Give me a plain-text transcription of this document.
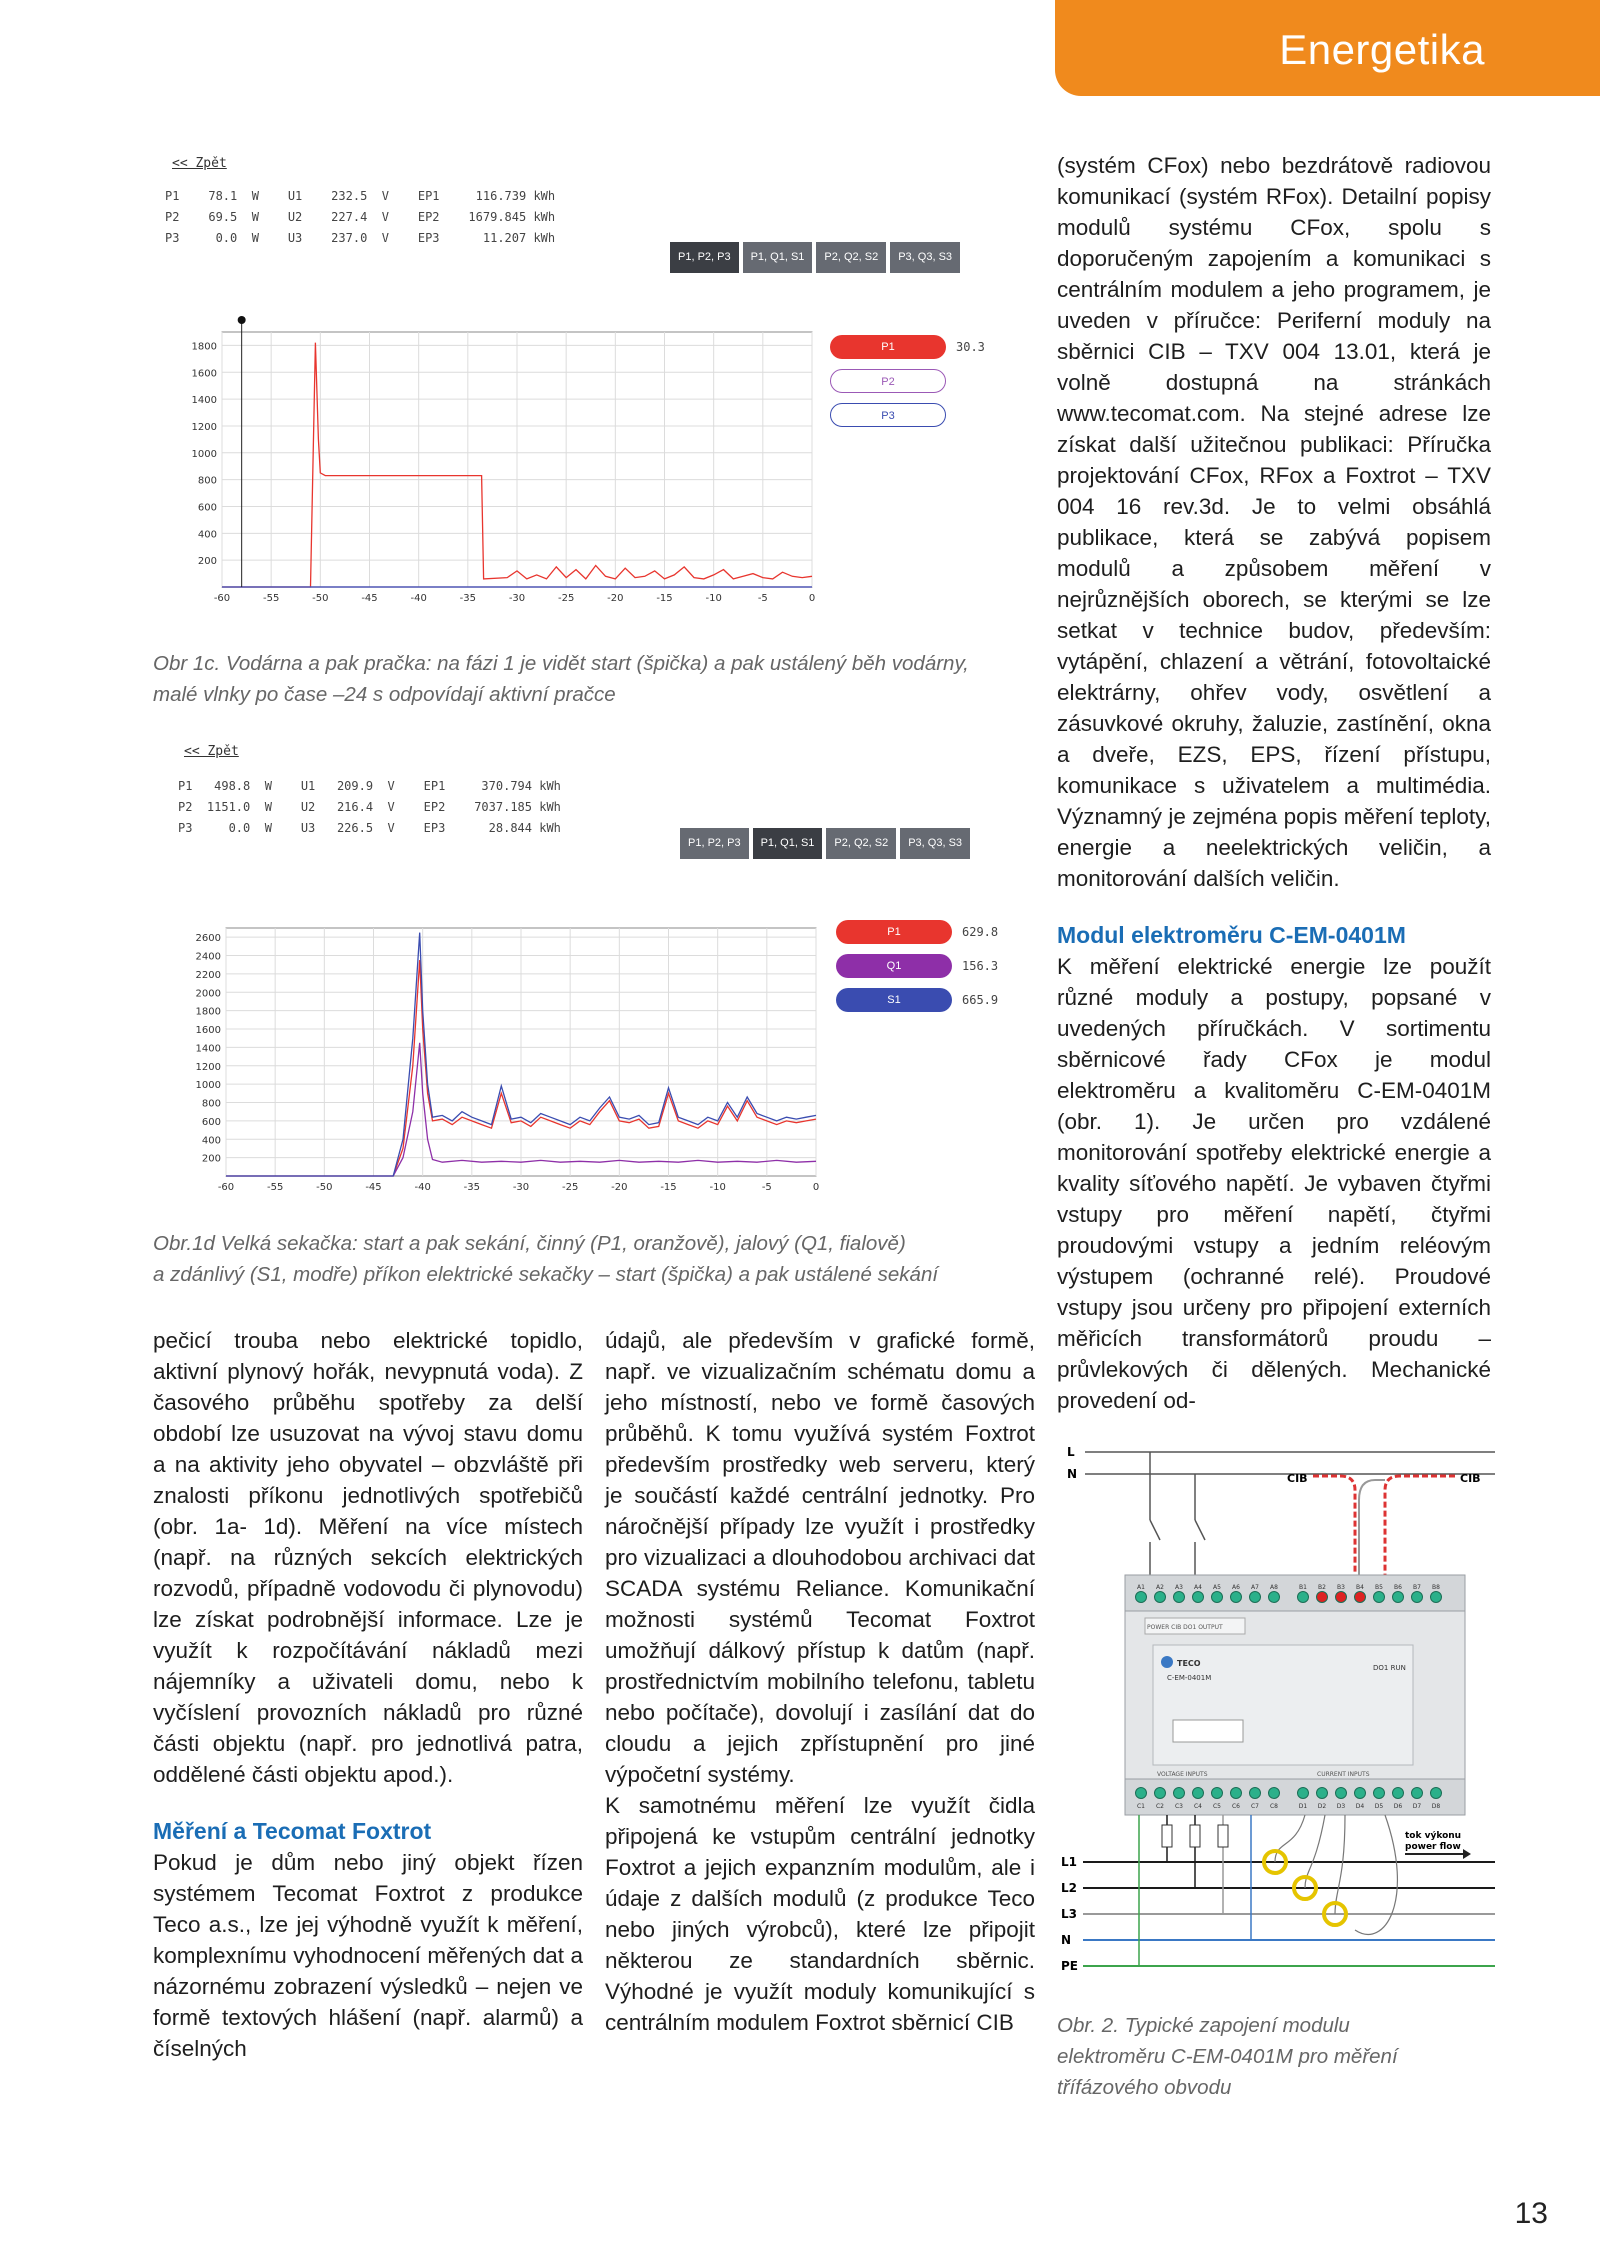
Energetika
<< Zpět
P1    78.1  W    U1    232.5  V    EP1     116.739 kWh
P2    69.5  W    U2    227.4  V    EP2    1679.845 kWh
P3     0.0  W    U3    237.0  V    EP3      11.207 kWh
P1, P2, P3	P1, Q1, S1	P2, Q2, S2	P3, Q3, S3
200
400
600
800
1000
1200
1400
1600
1800
-60	-55	-50	-45	-40	-35	-30	-25	-20	-15	-10	-5	0
P1	30.3
P2
P3
Obr 1c. Vodárna a pak pračka: na fázi 1 je vidět start (špička) a pak ustálený běh vodárny, malé vlnky po čase –24 s odpovídají aktivní pračce
<< Zpět
P1   498.8  W    U1   209.9  V    EP1     370.794 kWh
P2  1151.0  W    U2   216.4  V    EP2    7037.185 kWh
P3     0.0  W    U3   226.5  V    EP3      28.844 kWh
P1, P2, P3	P1, Q1, S1	P2, Q2, S2	P3, Q3, S3
200
400
600
800
1000
1200
1400
1600
1800
2000
2200
2400
2600
-60	-55	-50	-45	-40	-35	-30	-25	-20	-15	-10	-5	0
P1	629.8
Q1	156.3
S1	665.9
Obr.1d Velká sekačka: start a pak sekání, činný (P1, oranžově), jalový (Q1, fialově)
a zdánlivý (S1, modře) příkon elektrické sekačky – start (špička) a pak ustálené sekání

pečicí trouba nebo elektrické topidlo, aktivní plynový hořák, nevypnutá voda). Z časového průběhu spotřeby za delší období lze usuzovat na vývoj stavu domu a na aktivity jeho obyvatel – obzvláště při znalosti příkonu jednotlivých spotřebičů (obr. 1a- 1d). Měření na více místech (např. na různých sekcích elektrických rozvodů, případně vodovodu či plynovodu) lze získat podrobnější informace. Lze je využít k rozpočítávání nákladů mezi nájemníky a uživateli domu, nebo k vyčíslení provozních nákladů pro různé části objektu (např. pro jednotlivá patra, oddělené části objektu apod.).

Měření a Tecomat Foxtrot

Pokud je dům nebo jiný objekt řízen systémem Tecomat Foxtrot z produkce Teco a.s., lze jej výhodně využít k měření, komplexnímu vyhodnocení měřených dat a názornému zobrazení výsledků – nejen ve formě textových hlášení (např. alarmů) a číselných

údajů, ale především v grafické formě, např. ve vizualizačním schématu domu a jeho místností, nebo ve formě časových průběhů. K tomu využívá systém Foxtrot především prostředky web serveru, který je součástí každé centrální jednotky. Pro náročnější případy lze využít i prostředky pro vizualizaci a dlouhodobou archivaci dat SCADA systému Reliance. Komunikační možnosti systémů Tecomat Foxtrot umožňují dálkový přístup k datům (např. prostřednictvím mobilního telefonu, tabletu nebo počítače), dovolují i zasílání dat do cloudu a jejich zpřístupnění pro jiné výpočetní systémy.

K samotnému měření lze využít čidla připojená ke vstupům centrální jednotky Foxtrot a jejich expanzním modulům, ale i údaje z dalších modulů (z produkce Teco nebo jiných výrobců), které lze připojit některou ze standardních sběrnic. Výhodné je využít moduly komunikující s centrálním modulem Foxtrot sběrnicí CIB

(systém CFox) nebo bezdrátově radiovou komunikací (systém RFox). Detailní popisy modulů systému CFox, spolu s doporučeným zapojením a komunikaci s centrálním modulem a jeho programem, je uveden v příručce: Periferní moduly na sběrnici CIB – TXV 004 13.01, která je volně dostupná na stránkách www.tecomat.com. Na stejné adrese lze získat další užitečnou publikaci: Příručka projektování CFox, RFox a Foxtrot – TXV 004 16 rev.3d. Je to velmi obsáhlá publikace, která se zabývá popisem modulů a způsobem měření v nejrůznějších oborech, se kterými se lze setkat v technice budov, především: vytápění, chlazení a větrání, fotovoltaické elektrárny, ohřev vody, osvětlení a zásuvkové okruhy, žaluzie, zastínění, okna a dveře, EZS, EPS, řízení přístupu, komunikace s uživatelem a multimédia. Významný je zejména popis měření teploty, energie a neelektrických veličin, a monitorování dalších veličin.

Modul elektroměru C-EM-0401M

K měření elektrické energie lze použít různé moduly a postupy, popsané v uvedených příručkách. V sortimentu sběrnicové řady CFox je modul elektroměru a kvalitoměru C-EM-0401M (obr. 1). Je určen pro vzdálené monitorování spotřeby elektrické energie a kvality síťového napětí. Je vybaven čtyřmi vstupy pro měření napětí, čtyřmi proudovými vstupy a jedním reléovým výstupem (ochranné relé). Proudové vstupy jsou určeny pro připojení externích měřicích transformátorů proudu – průvlekových či dělených. Mechanické provedení od-

L
N	CIB	CIB
A1 A2 A3 A4 A5 A6 A7 A8	B1 B2 B3 B4 B5 B6 B7 B8
C1 C2 C3 C4 C5 C6 C7 C8	D1 D2 D3 D4 D5 D6 D7 D8
POWER CIB DO1 OUTPUT
TECO
C-EM-0401M
DO1 RUN
VOLTAGE INPUTS	CURRENT INPUTS
L1
L2
L3
N
PE
tok výkonu power flow
Obr. 2. Typické zapojení modulu
elektroměru C-EM-0401M pro měření
třífázového obvodu
13
